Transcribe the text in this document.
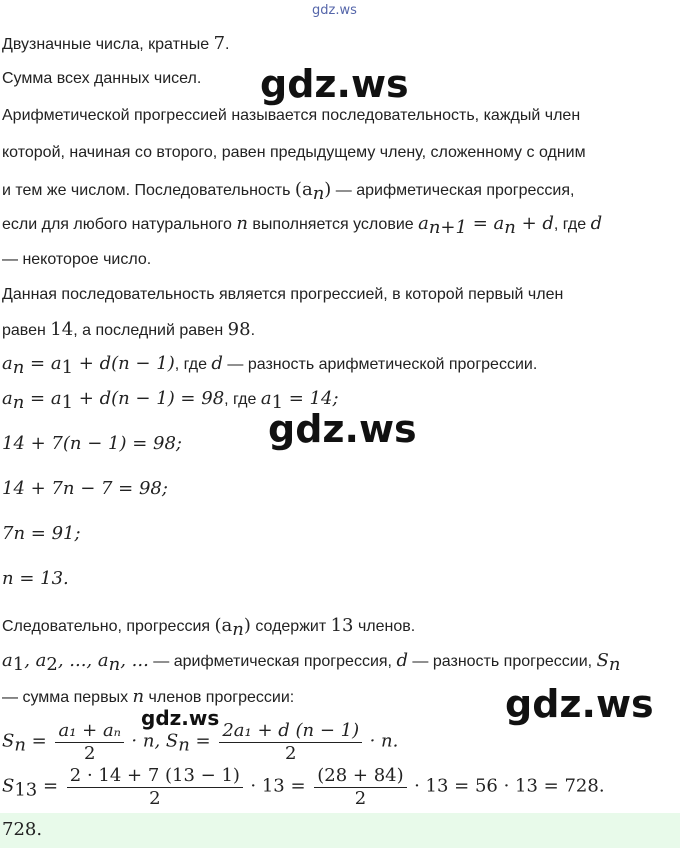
gdz.ws
gdz.ws
gdz.ws
gdz.ws
gdz.ws
Двузначные числа, кратные 7.
Сумма всех данных чисел.
Арифметической прогрессией называется последовательность, каждый член
которой, начиная со второго, равен предыдущему члену, сложенному с одним
и тем же числом. Последовательность $(a_n)$ — арифметическая прогрессия,
если для любого натурального n выполняется условие $a_{n+1} = a_n + d$, где d
— некоторое число.
Данная последовательность является прогрессией, в которой первый член
равен 14, а последний равен 98.
$a_n = a_1 + d(n - 1)$, где d — разность арифметической прогрессии.
$a_n = a_1 + d(n - 1) = 98$, где $a_1 = 14$;
14 + 7(n − 1) = 98;
14 + 7n − 7 = 98;
7n = 91;
n = 13.
Следовательно, прогрессия $(a_n)$ содержит 13 членов.
$a_1$, $a_2$, ..., $a_n$, ... — арифметическая прогрессия, d — разность прогрессии, $S_n$
— сумма первых n членов прогрессии:
$S_n = \frac{\text{a₁ + aₙ}}{2} \cdot n$, $S_n = \frac{\text{2a₁ + d (n − 1)}}{2} \cdot n$.
$S_{13} = \frac{2 \cdot 14 + 7 (13 - 1)}{2} \cdot 13 = \frac{(28 + 84)}{2} \cdot 13 = 56 \cdot 13 = 728$.
728.
